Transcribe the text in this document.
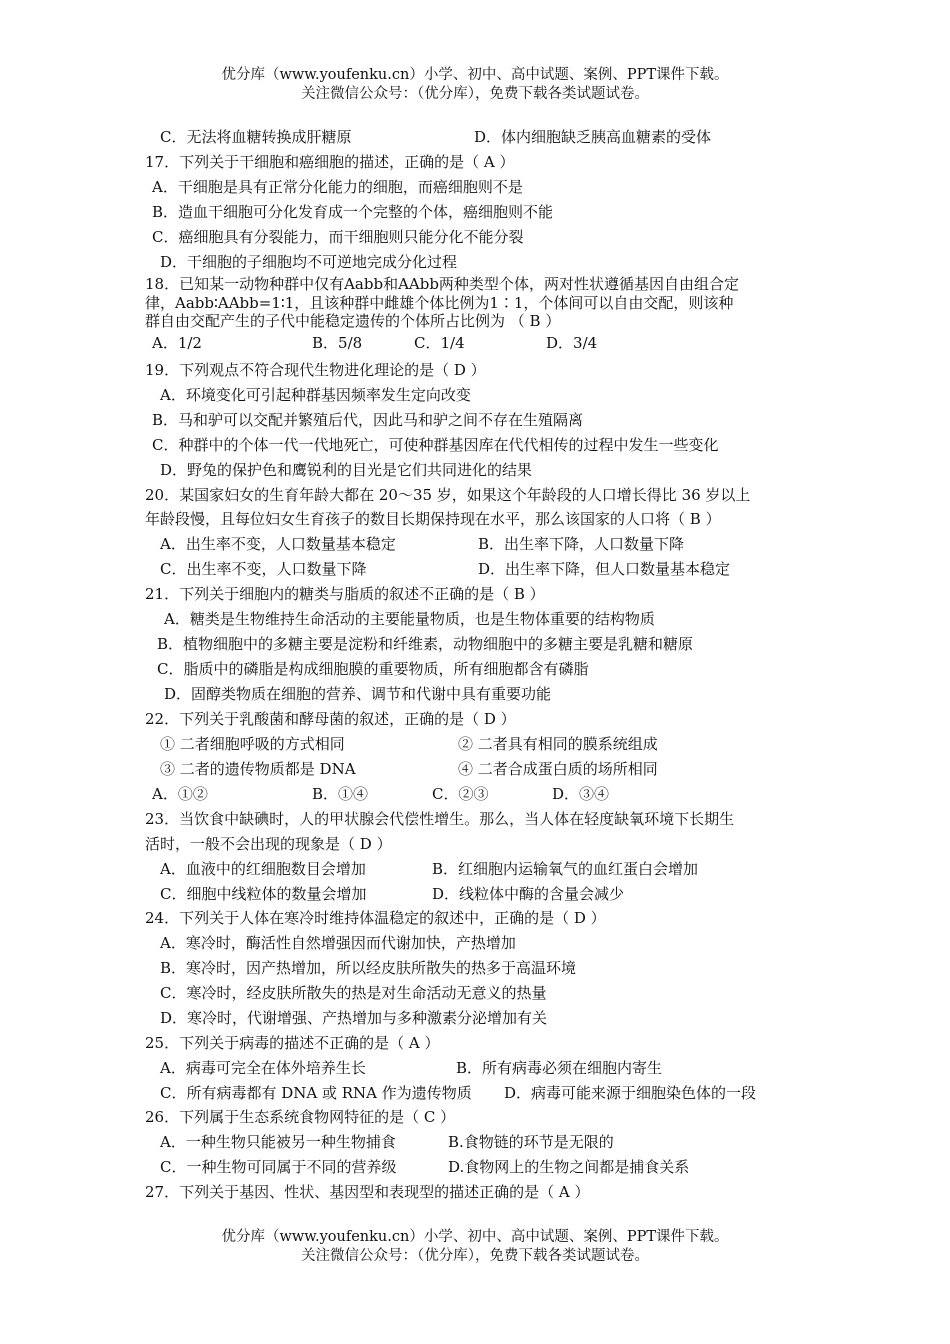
优分库（www.youfenku.cn）小学、初中、高中试题、案例、PPT课件下载。
关注微信公众号：（优分库），免费下载各类试题试卷。
C．无法将血糖转换成肝糖原	D．体内细胞缺乏胰高血糖素的受体
17．下列关于干细胞和癌细胞的描述，正确的是（ A ）
A．干细胞是具有正常分化能力的细胞，而癌细胞则不是
B．造血干细胞可分化发育成一个完整的个体，癌细胞则不能
C．癌细胞具有分裂能力，而干细胞则只能分化不能分裂
D．干细胞的子细胞均不可逆地完成分化过程
18．已知某一动物种群中仅有Aabb和AAbb两种类型个体，两对性状遵循基因自由组合定
律，Aabb∶AAbb=1∶1，且该种群中雌雄个体比例为1∶1，个体间可以自由交配，则该种
群自由交配产生的子代中能稳定遗传的个体所占比例为 （ B ）
A．1/2	B．5/8	C．1/4	D．3/4
19．下列观点不符合现代生物进化理论的是（ D ）
A．环境变化可引起种群基因频率发生定向改变
B．马和驴可以交配并繁殖后代，因此马和驴之间不存在生殖隔离
C．种群中的个体一代一代地死亡，可使种群基因库在代代相传的过程中发生一些变化
D．野兔的保护色和鹰锐利的目光是它们共同进化的结果
20．某国家妇女的生育年龄大都在 20～35 岁，如果这个年龄段的人口增长得比 36 岁以上
年龄段慢，且每位妇女生育孩子的数目长期保持现在水平，那么该国家的人口将（ B ）
A．出生率不变，人口数量基本稳定	B．出生率下降，人口数量下降
C．出生率不变，人口数量下降	D．出生率下降，但人口数量基本稳定
21．下列关于细胞内的糖类与脂质的叙述不正确的是（ B ）
A．糖类是生物维持生命活动的主要能量物质，也是生物体重要的结构物质
B．植物细胞中的多糖主要是淀粉和纤维素，动物细胞中的多糖主要是乳糖和糖原
C．脂质中的磷脂是构成细胞膜的重要物质，所有细胞都含有磷脂
D．固醇类物质在细胞的营养、调节和代谢中具有重要功能
22．下列关于乳酸菌和酵母菌的叙述，正确的是（ D ）
① 二者细胞呼吸的方式相同	② 二者具有相同的膜系统组成
③ 二者的遗传物质都是 DNA	④ 二者合成蛋白质的场所相同
A．①②	B．①④	C．②③	D．③④
23．当饮食中缺碘时，人的甲状腺会代偿性增生。那么，当人体在轻度缺氧环境下长期生
活时，一般不会出现的现象是（ D ）
A．血液中的红细胞数目会增加	B．红细胞内运输氧气的血红蛋白会增加
C．细胞中线粒体的数量会增加	D．线粒体中酶的含量会减少
24．下列关于人体在寒冷时维持体温稳定的叙述中，正确的是（ D ）
A．寒冷时，酶活性自然增强因而代谢加快，产热增加
B．寒冷时，因产热增加，所以经皮肤所散失的热多于高温环境
C．寒冷时，经皮肤所散失的热是对生命活动无意义的热量
D．寒冷时，代谢增强、产热增加与多种激素分泌增加有关
25．下列关于病毒的描述不正确的是（ A ）
A．病毒可完全在体外培养生长	B．所有病毒必须在细胞内寄生
C．所有病毒都有 DNA 或 RNA 作为遗传物质 D．病毒可能来源于细胞染色体的一段
26．下列属于生态系统食物网特征的是（ C ）
A．一种生物只能被另一种生物捕食	B.食物链的环节是无限的
C．一种生物可同属于不同的营养级	D.食物网上的生物之间都是捕食关系
27．下列关于基因、性状、基因型和表现型的描述正确的是（ A ）
优分库（www.youfenku.cn）小学、初中、高中试题、案例、PPT课件下载。
关注微信公众号：（优分库），免费下载各类试题试卷。
